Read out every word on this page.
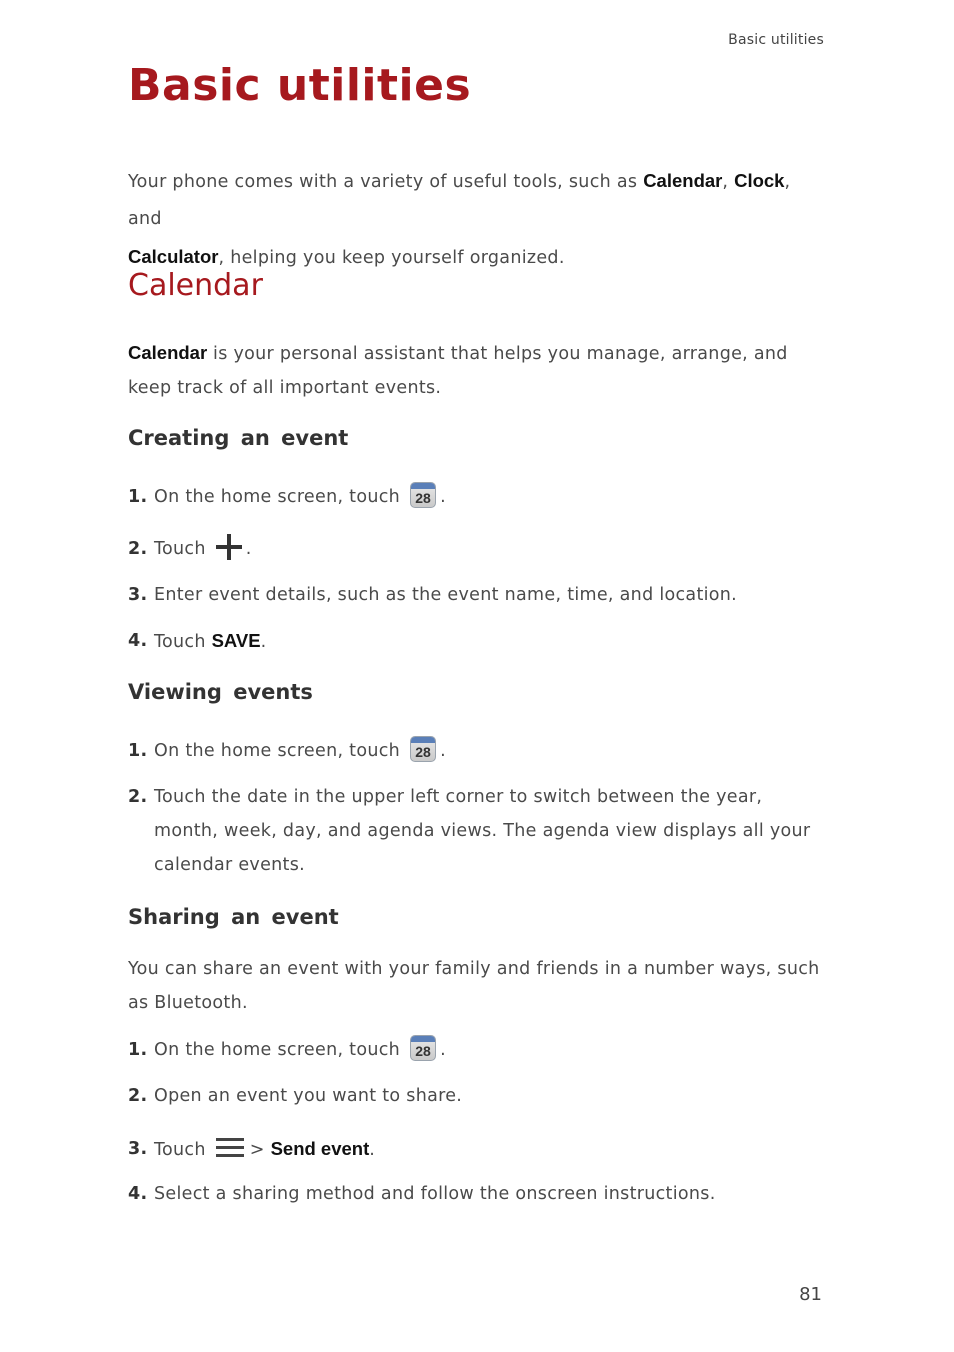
Basic utilities
Basic utilities
Your phone comes with a variety of useful tools, such as Calendar, Clock, and
Calculator, helping you keep yourself organized.
Calendar
Calendar is your personal assistant that helps you manage, arrange, and keep track of all important events.
Creating an event
1. On the home screen, touch	28 .
2. Touch .
3. Enter event details, such as the event name, time, and location.
4. Touch SAVE.
Viewing events
1. On the home screen, touch	28 .
2. Touch the date in the upper left corner to switch between the year, month, week, day, and agenda views. The agenda view displays all your calendar events.
Sharing an event
You can share an event with your family and friends in a number ways, such as Bluetooth.
1. On the home screen, touch	28 .
2. Open an event you want to share.
3. Touch	> Send event.
4. Select a sharing method and follow the onscreen instructions.
81
